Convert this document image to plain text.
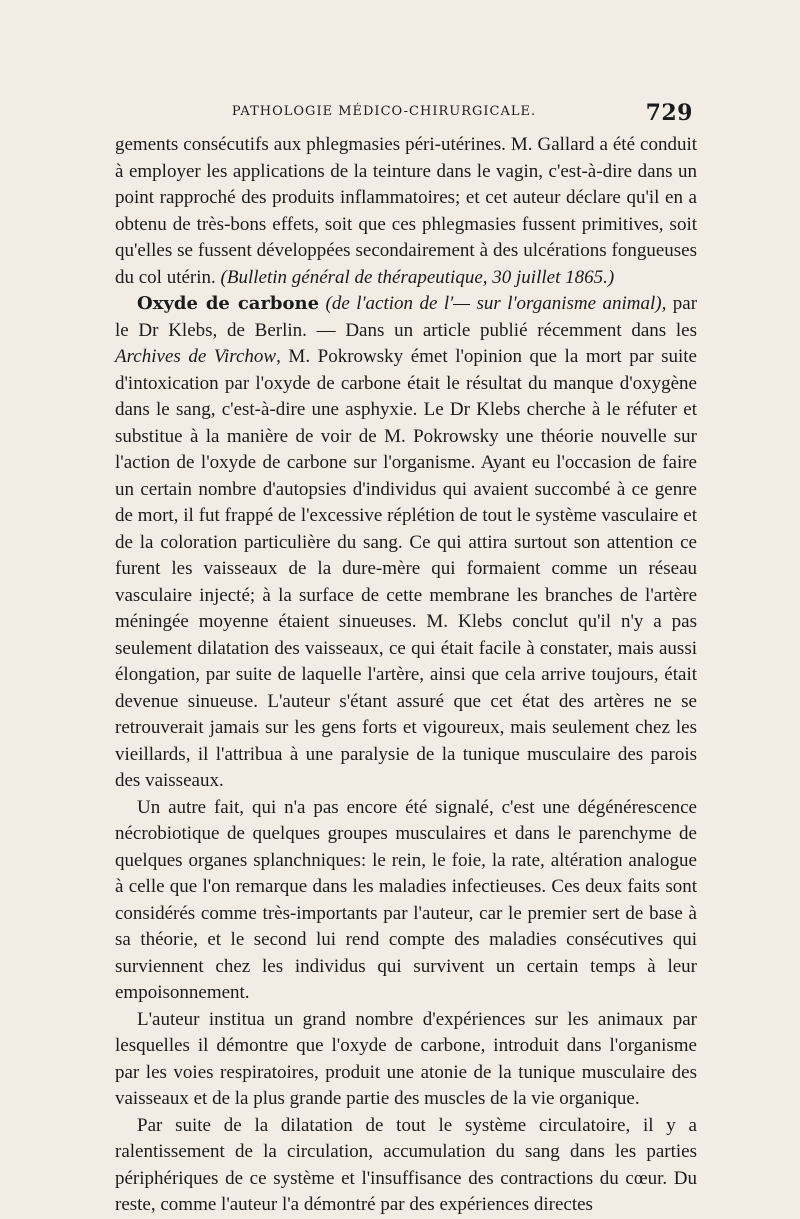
PATHOLOGIE MÉDICO-CHIRURGICALE.	729

gements consécutifs aux phlegmasies péri-utérines. M. Gallard a été conduit à employer les applications de la teinture dans le vagin, c'est-à-dire dans un point rapproché des produits inflammatoires; et cet auteur déclare qu'il en a obtenu de très-bons effets, soit que ces phlegmasies fussent primitives, soit qu'elles se fussent développées secondairement à des ulcérations fongueuses du col utérin. (Bulletin général de thérapeutique, 30 juillet 1865.)

Oxyde de carbone (de l'action de l'— sur l'organisme animal), par le Dr Klebs, de Berlin. — Dans un article publié récemment dans les Archives de Virchow, M. Pokrowsky émet l'opinion que la mort par suite d'intoxication par l'oxyde de carbone était le résultat du manque d'oxygène dans le sang, c'est-à-dire une asphyxie. Le Dr Klebs cherche à le réfuter et substitue à la manière de voir de M. Pokrowsky une théorie nouvelle sur l'action de l'oxyde de carbone sur l'organisme. Ayant eu l'occasion de faire un certain nombre d'autopsies d'individus qui avaient succombé à ce genre de mort, il fut frappé de l'excessive réplétion de tout le système vasculaire et de la coloration particulière du sang. Ce qui attira surtout son attention ce furent les vaisseaux de la dure-mère qui formaient comme un réseau vasculaire injecté; à la surface de cette membrane les branches de l'artère méningée moyenne étaient sinueuses. M. Klebs conclut qu'il n'y a pas seulement dilatation des vaisseaux, ce qui était facile à constater, mais aussi élongation, par suite de laquelle l'artère, ainsi que cela arrive toujours, était devenue sinueuse. L'auteur s'étant assuré que cet état des artères ne se retrouverait jamais sur les gens forts et vigoureux, mais seulement chez les vieillards, il l'attribua à une paralysie de la tunique musculaire des parois des vaisseaux.

Un autre fait, qui n'a pas encore été signalé, c'est une dégénérescence nécrobiotique de quelques groupes musculaires et dans le parenchyme de quelques organes splanchniques: le rein, le foie, la rate, altération analogue à celle que l'on remarque dans les maladies infectieuses. Ces deux faits sont considérés comme très-importants par l'auteur, car le premier sert de base à sa théorie, et le second lui rend compte des maladies consécutives qui surviennent chez les individus qui survivent un certain temps à leur empoisonnement.

L'auteur institua un grand nombre d'expériences sur les animaux par lesquelles il démontre que l'oxyde de carbone, introduit dans l'organisme par les voies respiratoires, produit une atonie de la tunique musculaire des vaisseaux et de la plus grande partie des muscles de la vie organique.

Par suite de la dilatation de tout le système circulatoire, il y a ralentissement de la circulation, accumulation du sang dans les parties périphériques de ce système et l'insuffisance des contractions du cœur. Du reste, comme l'auteur l'a démontré par des expériences directes
